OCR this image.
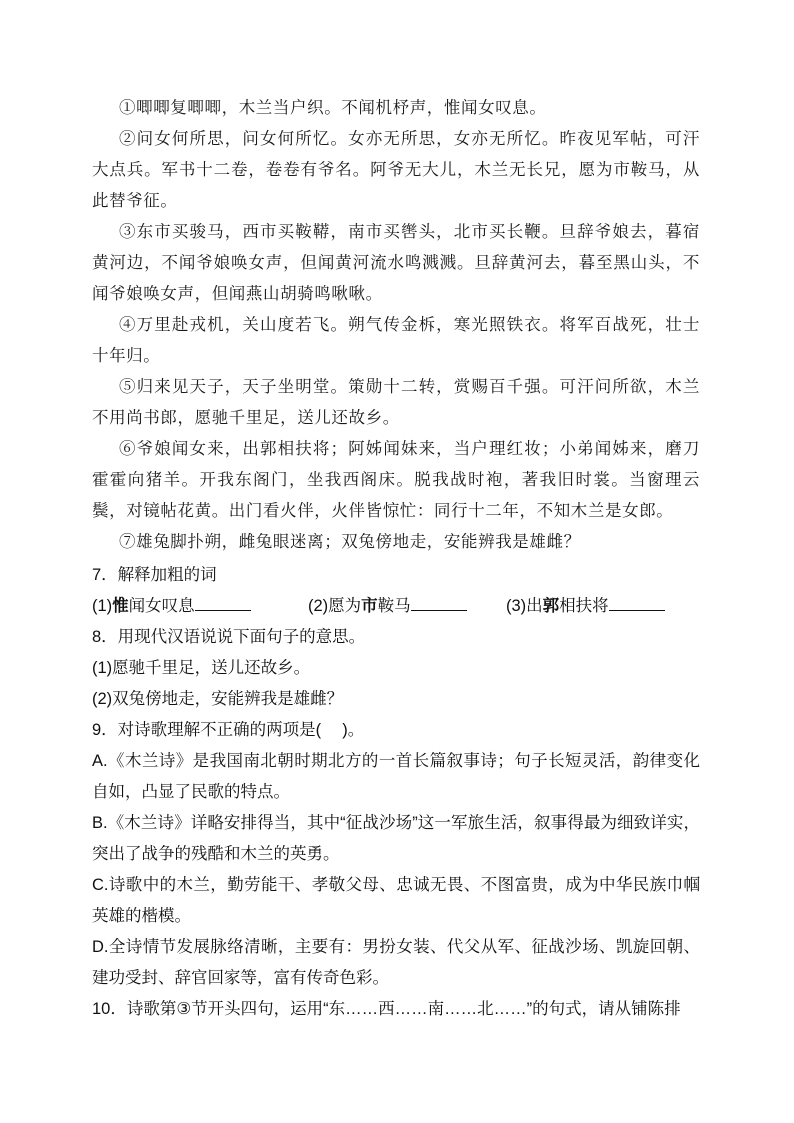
①唧唧复唧唧，木兰当户织。不闻机杼声，惟闻女叹息。

②问女何所思，问女何所忆。女亦无所思，女亦无所忆。昨夜见军帖，可汗大点兵。军书十二卷，卷卷有爷名。阿爷无大儿，木兰无长兄，愿为市鞍马，从此替爷征。

③东市买骏马，西市买鞍鞯，南市买辔头，北市买长鞭。旦辞爷娘去，暮宿黄河边，不闻爷娘唤女声，但闻黄河流水鸣溅溅。旦辞黄河去，暮至黑山头，不闻爷娘唤女声，但闻燕山胡骑鸣啾啾。

④万里赴戎机，关山度若飞。朔气传金柝，寒光照铁衣。将军百战死，壮士十年归。

⑤归来见天子，天子坐明堂。策勋十二转，赏赐百千强。可汗问所欲，木兰不用尚书郎，愿驰千里足，送儿还故乡。

⑥爷娘闻女来，出郭相扶将；阿姊闻妹来，当户理红妆；小弟闻姊来，磨刀霍霍向猪羊。开我东阁门，坐我西阁床。脱我战时袍，著我旧时裳。当窗理云鬓，对镜帖花黄。出门看火伴，火伴皆惊忙：同行十二年，不知木兰是女郎。

⑦雄兔脚扑朔，雌兔眼迷离；双兔傍地走，安能辨我是雄雌？

7．解释加粗的词

(1)惟闻女叹息	(2)愿为市鞍马	(3)出郭相扶将

8．用现代汉语说说下面句子的意思。

(1)愿驰千里足，送儿还故乡。

(2)双兔傍地走，安能辨我是雄雌？

9．对诗歌理解不正确的两项是(　 )。

A.《木兰诗》是我国南北朝时期北方的一首长篇叙事诗；句子长短灵活，韵律变化自如，凸显了民歌的特点。

B.《木兰诗》详略安排得当，其中“征战沙场”这一军旅生活，叙事得最为细致详实，突出了战争的残酷和木兰的英勇。

C.诗歌中的木兰，勤劳能干、孝敬父母、忠诚无畏、不图富贵，成为中华民族巾帼英雄的楷模。

D.全诗情节发展脉络清晰，主要有：男扮女装、代父从军、征战沙场、凯旋回朝、建功受封、辞官回家等，富有传奇色彩。

10．诗歌第③节开头四句，运用“东……西……南……北……”的句式，请从铺陈排
